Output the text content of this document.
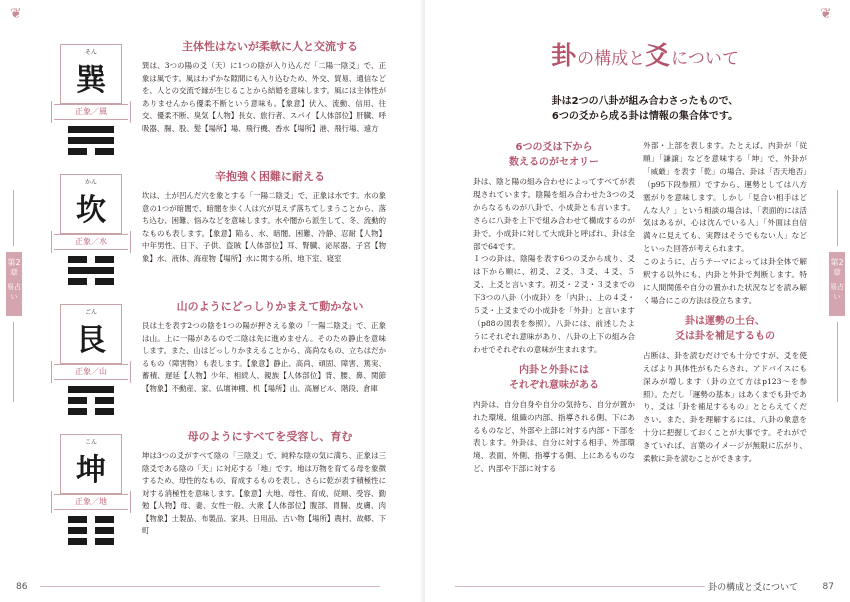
❦
そん
巽
正象／風
主体性はないが柔軟に人と交流する
巽は、3つの陽の爻（天）に1つの陰が入り込んだ「二陽一陰爻」で、正象は風です。風はわずかな隙間にも入り込むため、外交、貿易、通信などを、人との交流で縁が生じることから結婚を意味します。風には主体性がありませんから優柔不断という意味も。【象意】伏入、流動、信用、往交、優柔不断、臭気【人物】長女、旅行者、スパイ【人体部位】肝臓、呼吸器、腸、股、髪【場所】場、飛行機、香水【場所】港、飛行場、遠方
かん
坎
正象／水
辛抱強く困難に耐える
坎は、土が凹んだ穴を象とする「一陽二陰爻」で、正象は水です。水の象意の1つが暗闇で、暗闇を歩く人は穴が見えず落ちてしまうことから、落ち込む、困難、悩みなどを意味します。水や闇から派生して、冬、流動的なものも表します。【象意】陥る、水、暗闇、困難、冷静、忍耐【人物】中年男性、日下、子供、盗賊【人体部位】耳、腎臓、泌尿器、子宮【物象】水、液体、海産物【場所】水に関する所、地下室、寝室
ごん
艮
正象／山
山のようにどっしりかまえて動かない
艮は土を表す2つの陰を1つの陽が押さえる象の「一陽二陰爻」で、正象は山。上に一陽があるので二陰は先に進めません。そのため静止を意味します。また、山はどっしりかまえることから、高尚なもの、立ちはだかるもの（障害物）も表します。【象意】静止、高尚、頑固、障害、篤実、蓄積、遅延【人物】少年、相続人、親族【人体部位】背、腰、鼻、関節【物象】不動産、家、仏壇神棚、机【場所】山、高層ビル、階段、倉庫
こん
坤
正象／地
母のようにすべてを受容し、育む
坤は3つの爻がすべて陰の「三陰爻」で、純粋な陰の気に満ち、正象は三陰爻である陰の「天」に対応する「地」です。地は万物を育てる母を象徴するため、母性的なもの、育成するものを表し、さらに乾が表す積極性に対する消極性を意味します。【象意】大地、母性、育成、従順、受容、勤勉【人物】母、妻、女性一般、大衆【人体部位】腹部、胃腸、皮膚、肉【物象】土製品、布製品、家具、日用品、古い物【場所】農村、故郷、下町
第2章
易占い
86
❦
卦の構成と爻について
卦は2つの八卦が組み合わさったもので、
6つの爻から成る卦は情報の集合体です。
6つの爻は下から
数えるのがセオリー

卦は、陰と陽の組み合わせによってすべてが表現されています。陰陽を組み合わせた3つの爻からなるものが八卦で、小成卦とも言います。さらに八卦を上下で組み合わせて構成するのが卦で、小成卦に対して大成卦と呼ばれ、卦は全部で64です。
１つの卦は、陰陽を表す6つの爻から成り、爻は下から順に、初爻、２爻、３爻、４爻、５爻、上爻と言います。初爻・２爻・３爻までの下3つの八卦（小成卦）を「内卦」、上の４爻・５爻・上爻までの小成卦を「外卦」と言います（p88の図表を参照）。八卦には、前述したようにそれぞれ意味があり、八卦の上下の組み合わせでそれぞれの意味が生まれます。

内卦と外卦には
それぞれ意味がある

内卦は、自分自身や自分の気持ち、自分が置かれた環境、組織の内部、指導される側、下にあるものなど、外部や上部に対する内部・下部を表します。外卦は、自分に対する相手、外部環境、表面、外側、指導する側、上にあるものなど、内部や下部に対する

外部・上部を表します。たとえば、内卦が「従順」「謙譲」などを意味する「坤」で、外卦が「威厳」を表す「乾」の場合、卦は「否天地否」（p95下段参照）ですから、運勢としては八方塞がりを意味します。しかし「見合い相手はどんな人？」という相談の場合は、「表面的には活気はあるが、心は沈んでいる人」「外面は自信満々に見えても、実際はそうでもない人」などといった回答が考えられます。
このように、占うテーマによっては卦全体で解釈する以外にも、内卦と外卦で判断します。特に人間関係や自分の置かれた状況などを読み解く場合にこの方法は役立ちます。

卦は運勢の土台、
爻は卦を補足するもの

占断は、卦を読むだけでも十分ですが、爻を使えばより具体性がもたらされ、アドバイスにも深みが増します（卦の立て方はp123～を参照）。ただし「運勢の基本」はあくまでも卦であり、爻は「卦を補足するもの」ととらえてください。また、卦を理解するには、八卦の象意を十分に把握しておくことが大事です。それができていれば、言葉のイメージが無限に広がり、柔軟に卦を読むことができます。

第2章
易占い
卦の構成と爻について	87
